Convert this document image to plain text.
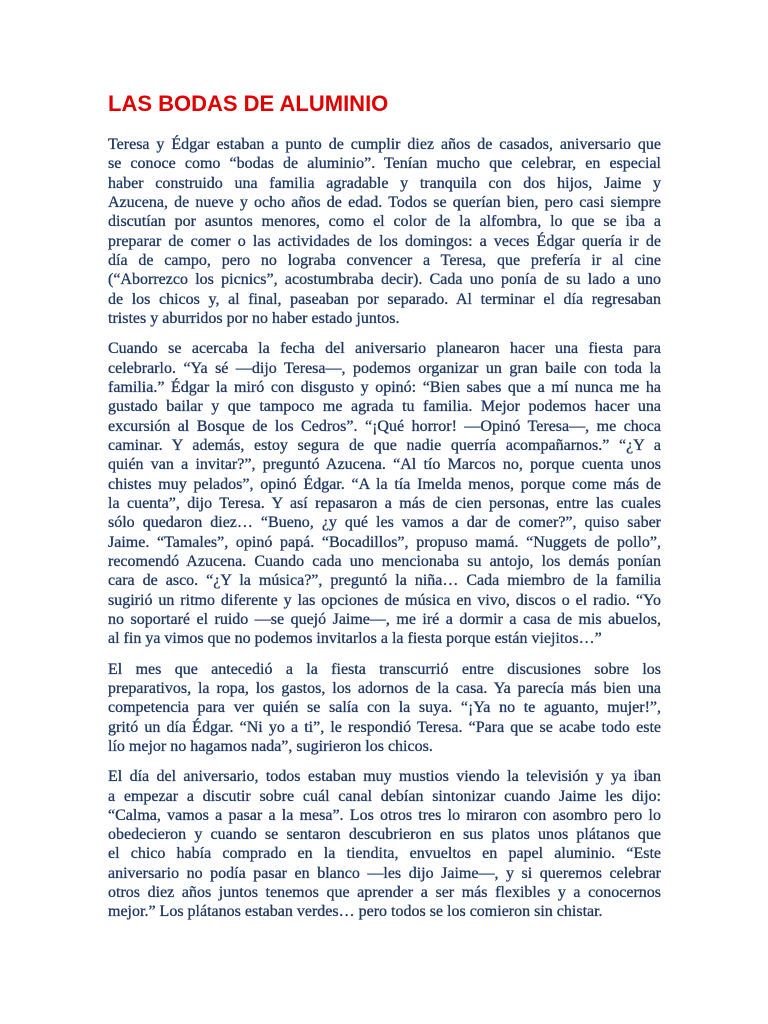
LAS BODAS DE ALUMINIO
Teresa y Édgar estaban a punto de cumplir diez años de casados, aniversario que
se conoce como “bodas de aluminio”. Tenían mucho que celebrar, en especial
haber construido una familia agradable y tranquila con dos hijos, Jaime y
Azucena, de nueve y ocho años de edad. Todos se querían bien, pero casi siempre
discutían por asuntos menores, como el color de la alfombra, lo que se iba a
preparar de comer o las actividades de los domingos: a veces Édgar quería ir de
día de campo, pero no lograba convencer a Teresa, que prefería ir al cine
(“Aborrezco los picnics”, acostumbraba decir). Cada uno ponía de su lado a uno
de los chicos y, al final, paseaban por separado. Al terminar el día regresaban
tristes y aburridos por no haber estado juntos.
Cuando se acercaba la fecha del aniversario planearon hacer una fiesta para
celebrarlo. “Ya sé —dijo Teresa—, podemos organizar un gran baile con toda la
familia.” Édgar la miró con disgusto y opinó: “Bien sabes que a mí nunca me ha
gustado bailar y que tampoco me agrada tu familia. Mejor podemos hacer una
excursión al Bosque de los Cedros”. “¡Qué horror! —Opinó Teresa—, me choca
caminar. Y además, estoy segura de que nadie querría acompañarnos.” “¿Y a
quién van a invitar?”, preguntó Azucena. “Al tío Marcos no, porque cuenta unos
chistes muy pelados”, opinó Édgar. “A la tía Imelda menos, porque come más de
la cuenta”, dijo Teresa. Y así repasaron a más de cien personas, entre las cuales
sólo quedaron diez… “Bueno, ¿y qué les vamos a dar de comer?”, quiso saber
Jaime. “Tamales”, opinó papá. “Bocadillos”, propuso mamá. “Nuggets de pollo”,
recomendó Azucena. Cuando cada uno mencionaba su antojo, los demás ponían
cara de asco. “¿Y la música?”, preguntó la niña… Cada miembro de la familia
sugirió un ritmo diferente y las opciones de música en vivo, discos o el radio. “Yo
no soportaré el ruido —se quejó Jaime—, me iré a dormir a casa de mis abuelos,
al fin ya vimos que no podemos invitarlos a la fiesta porque están viejitos…”
El mes que antecedió a la fiesta transcurrió entre discusiones sobre los
preparativos, la ropa, los gastos, los adornos de la casa. Ya parecía más bien una
competencia para ver quién se salía con la suya. “¡Ya no te aguanto, mujer!”,
gritó un día Édgar. “Ni yo a ti”, le respondió Teresa. “Para que se acabe todo este
lío mejor no hagamos nada”, sugirieron los chicos.
El día del aniversario, todos estaban muy mustios viendo la televisión y ya iban
a empezar a discutir sobre cuál canal debían sintonizar cuando Jaime les dijo:
“Calma, vamos a pasar a la mesa”. Los otros tres lo miraron con asombro pero lo
obedecieron y cuando se sentaron descubrieron en sus platos unos plátanos que
el chico había comprado en la tiendita, envueltos en papel aluminio. “Este
aniversario no podía pasar en blanco —les dijo Jaime—, y si queremos celebrar
otros diez años juntos tenemos que aprender a ser más flexibles y a conocernos
mejor.” Los plátanos estaban verdes… pero todos se los comieron sin chistar.
